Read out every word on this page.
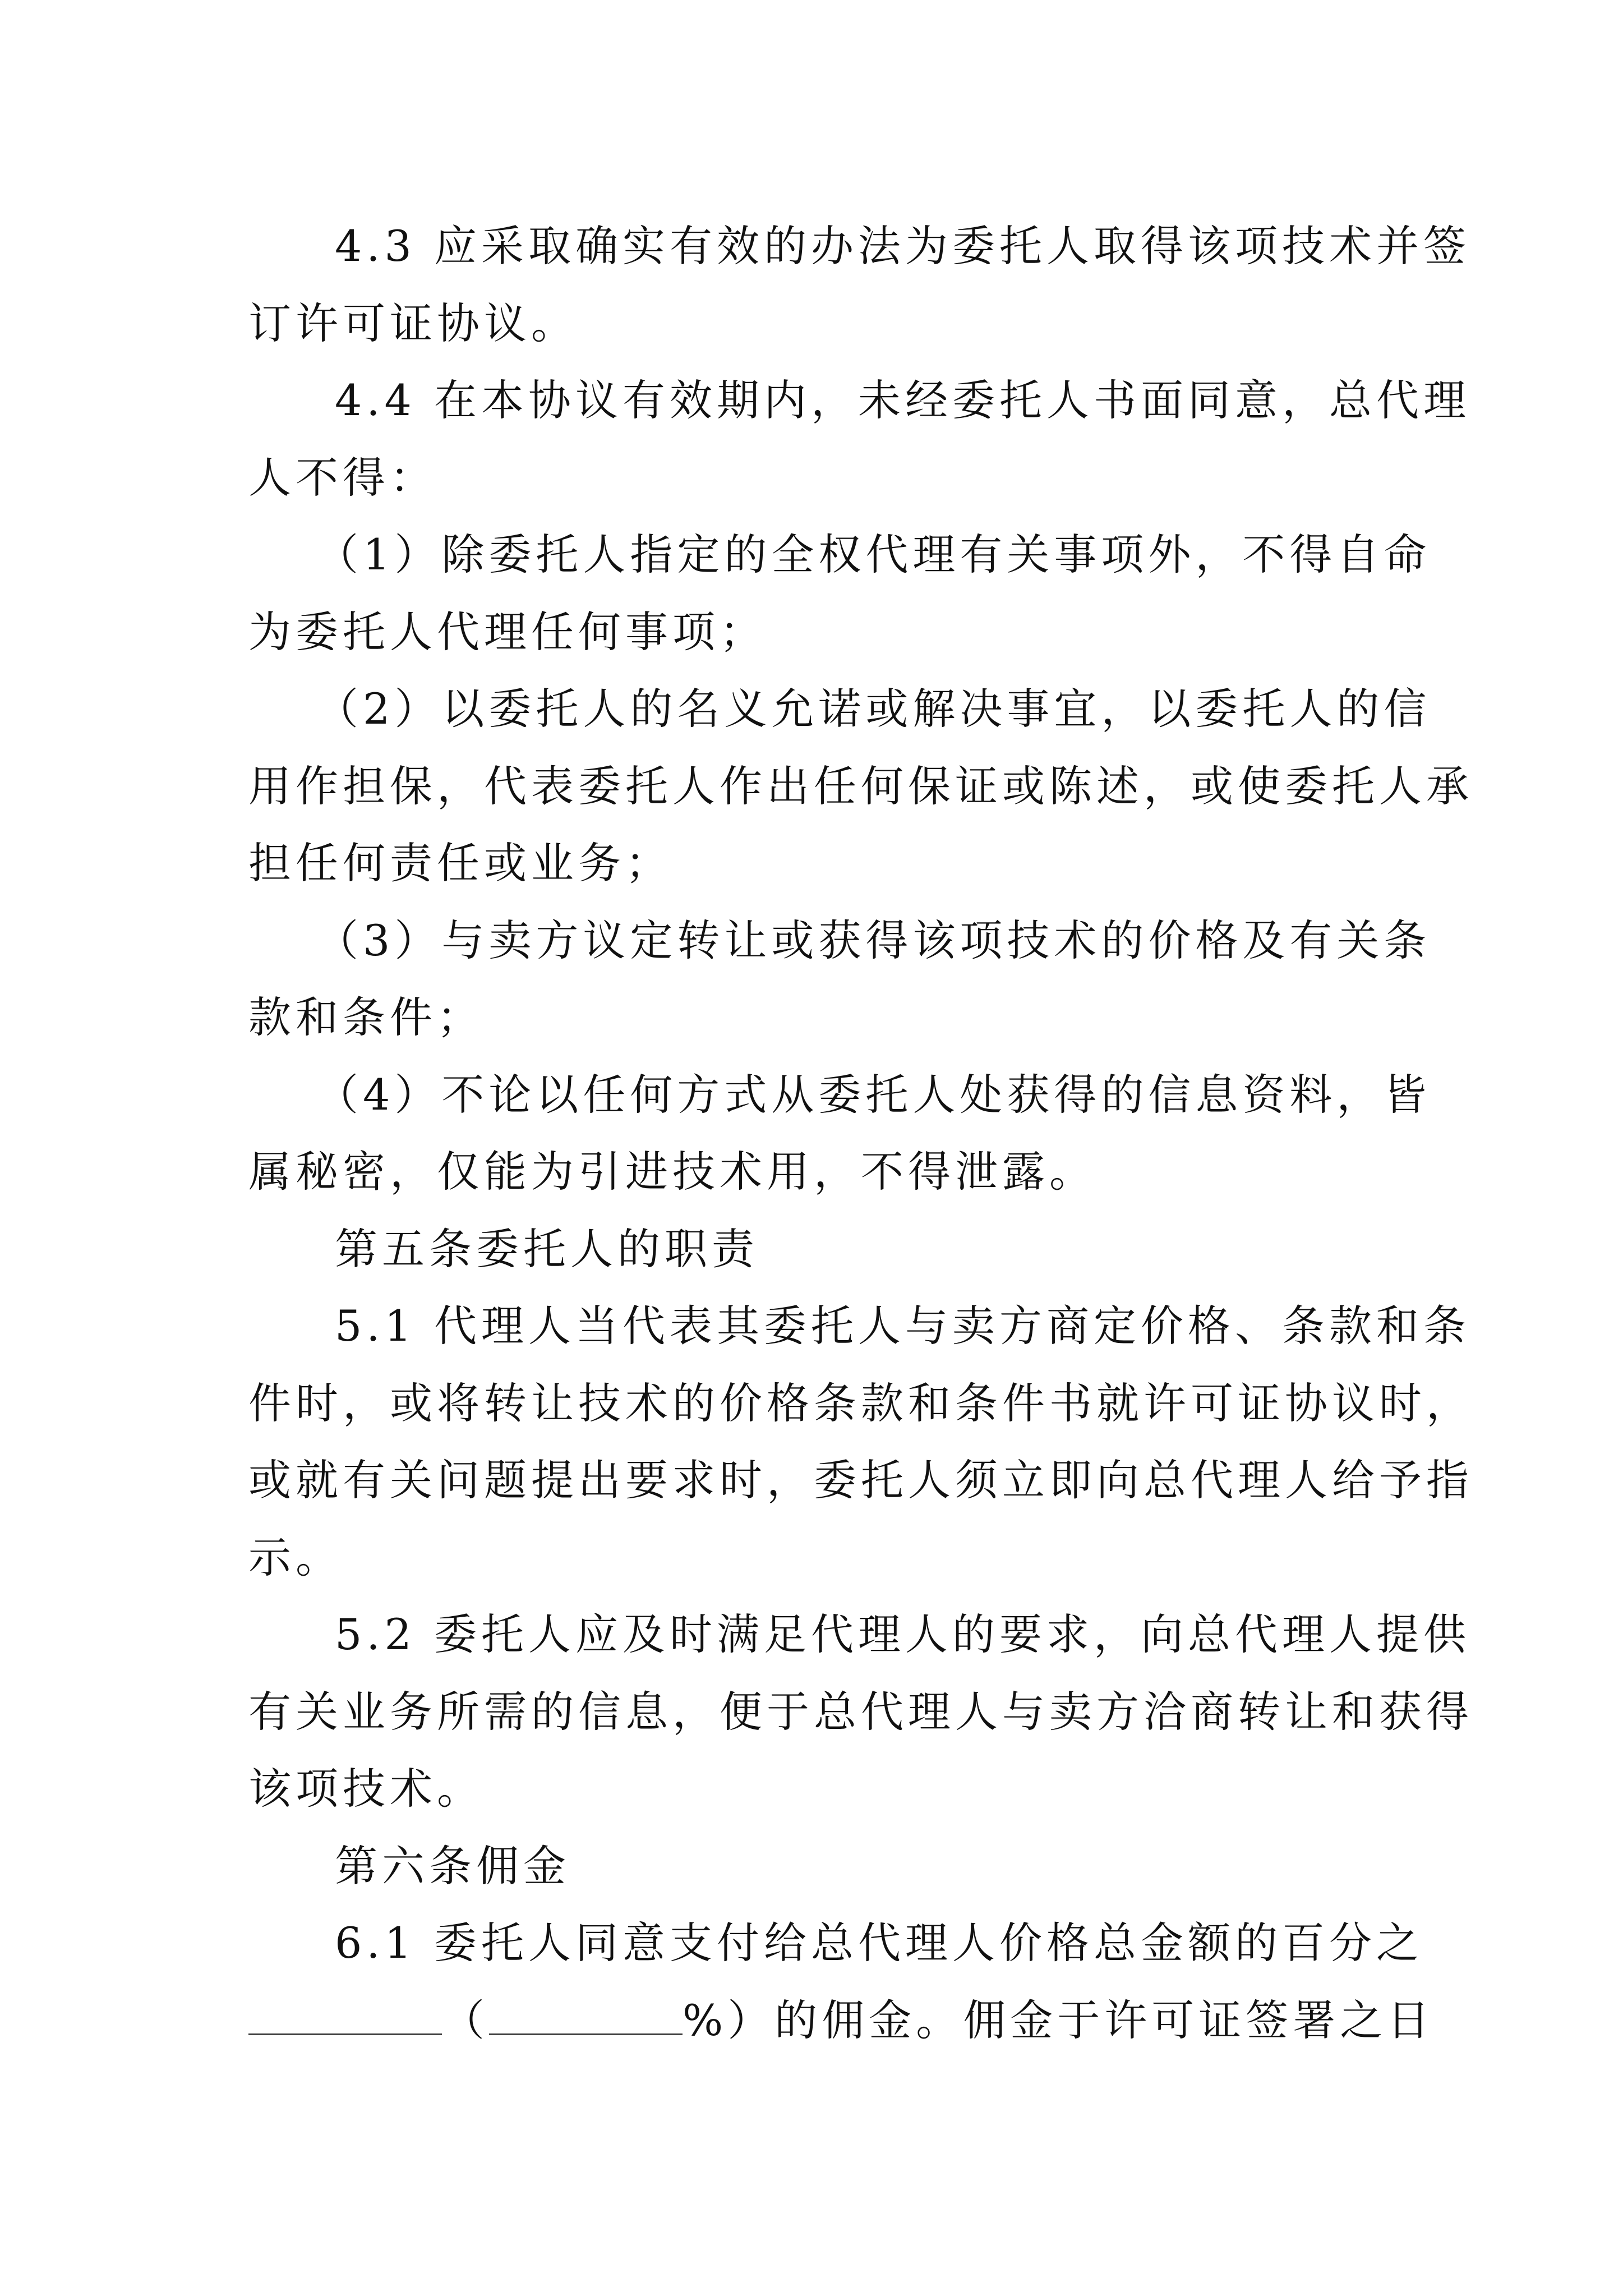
4.3 应采取确实有效的办法为委托人取得该项技术并签
订许可证协议。
4.4 在本协议有效期内，未经委托人书面同意，总代理
人不得：
（1）除委托人指定的全权代理有关事项外，不得自命
为委托人代理任何事项；
（2）以委托人的名义允诺或解决事宜，以委托人的信
用作担保，代表委托人作出任何保证或陈述，或使委托人承
担任何责任或业务；
（3）与卖方议定转让或获得该项技术的价格及有关条
款和条件；
（4）不论以任何方式从委托人处获得的信息资料，皆
属秘密，仅能为引进技术用，不得泄露。
第五条委托人的职责
5.1 代理人当代表其委托人与卖方商定价格、条款和条
件时，或将转让技术的价格条款和条件书就许可证协议时，
或就有关问题提出要求时，委托人须立即向总代理人给予指
示。
5.2 委托人应及时满足代理人的要求，向总代理人提供
有关业务所需的信息，便于总代理人与卖方洽商转让和获得
该项技术。
第六条佣金
6.1 委托人同意支付给总代理人价格总金额的百分之
（	%）的佣金。佣金于许可证签署之日
